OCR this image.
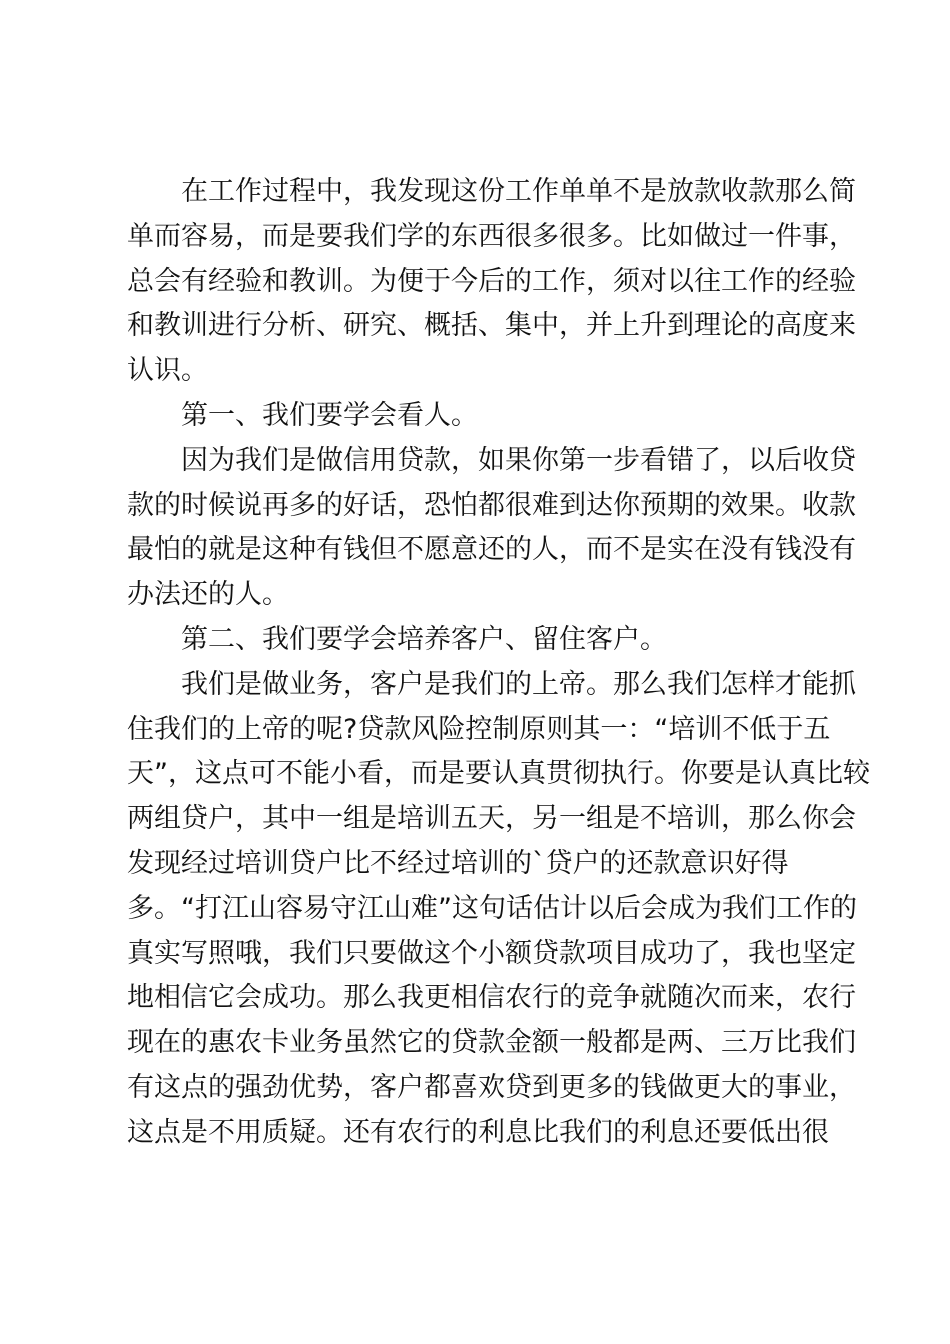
在工作过程中，我发现这份工作单单不是放款收款那么简
单而容易，而是要我们学的东西很多很多。比如做过一件事，
总会有经验和教训。为便于今后的工作，须对以往工作的经验
和教训进行分析、研究、概括、集中，并上升到理论的高度来
认识。
第一、我们要学会看人。
因为我们是做信用贷款，如果你第一步看错了，以后收贷
款的时候说再多的好话，恐怕都很难到达你预期的效果。收款
最怕的就是这种有钱但不愿意还的人，而不是实在没有钱没有
办法还的人。
第二、我们要学会培养客户、留住客户。
我们是做业务，客户是我们的上帝。那么我们怎样才能抓
住我们的上帝的呢?贷款风险控制原则其一：“培训不低于五
天”，这点可不能小看，而是要认真贯彻执行。你要是认真比较
两组贷户，其中一组是培训五天，另一组是不培训，那么你会
发现经过培训贷户比不经过培训的`贷户的还款意识好得
多。“打江山容易守江山难”这句话估计以后会成为我们工作的
真实写照哦，我们只要做这个小额贷款项目成功了，我也坚定
地相信它会成功。那么我更相信农行的竞争就随次而来，农行
现在的惠农卡业务虽然它的贷款金额一般都是两、三万比我们
有这点的强劲优势，客户都喜欢贷到更多的钱做更大的事业，
这点是不用质疑。还有农行的利息比我们的利息还要低出很
